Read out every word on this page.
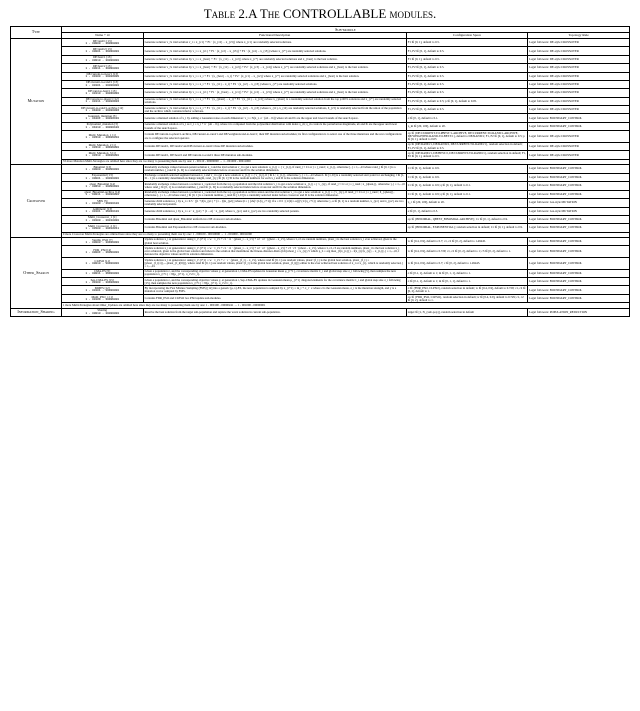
Table 2.A The CONTROLLABLE modules.
Type	Sub-module			
	Name + id	Functional Description	Configuration Space	Topology Rule
Mutation	DE/rand/1 [13]
1 - 00000 - 00000000	Generate solution v_i's trial solution v_i = x_{r1} + F1 · (x_{r2} − x_{r3}) where x_{r1} are randomly selected solutions.	F1 ∈ [0, 1], default to 0.5.	Legal followers: DE-style CROSSOVER

	DE/rand/2 [13]
1 - 00001 - 00000000	Generate solution v_i's trial solution by v_i = x_{r1} + F1 · (x_{r2} − x_{r3}) + F2 · (x_{r4} − x_{r5}) where x_{r*} are randomly selected solutions.	F1, F2 ∈ [0, 1], default to 0.5.	Legal followers: DE-style CROSSOVER

	DE/best/1 [13]
1 - 00010 - 00000000	Generate solution v_i's trial solution by v_i = x_{best} + F1 · (x_{r1} − x_{r2}) where x_{r*} are randomly selected solutions and x_{best} is the best solution.	F1 ∈ [0, 1], default to 0.5.	Legal followers: DE-style CROSSOVER

	DE/best/2 [13]
1 - 00011 - 00000000	Generate solution v_i's trial solution by v_i = x_{best} + F1 · (x_{r1} − x_{r2}) + F2 · (x_{r3} − x_{r4}) where x_{r*} are randomly selected solutions and x_{best} is the best solution.	F1, F2 ∈ [0, 1], default to 0.5.	Legal followers: DE-style CROSSOVER

	DE/current-to-best/1 [13]
1 - 00100 - 00000000	Generate solution v_i's trial solution by v_i = x_i + F1 · (x_{best} − x_i) + F2 · (x_{r1} − x_{r2}) where x_{r*} are randomly selected solutions and x_{best} is the best solution.	F1, F2 ∈ [0, 1], default to 0.5.	Legal followers: DE-style CROSSOVER

	DE/current-to-rand/1 [13]
1 - 00101 - 00000000	Generate solution v_i's trial solution by v_i = x_i + F1 · (x_{r1} − x_i) + F2 · (x_{r2} − x_{r3}) where x_{r*} are randomly selected solutions.	F1, F2 ∈ [0, 1], default to 0.5.	Legal followers: DE-style CROSSOVER

	DE/rand-to-best/1 [13]
1 - 00110 - 00000000	Generate solution v_i's trial solution by v_i = x_{r1} + F1 · (x_{best} − x_{r1}) + F2 · (x_{r2} − x_{r3}) where x_{r*} are randomly selected solutions and x_{best} is the best solution.	F1, F2 ∈ [0, 1], default to 0.5.	Legal followers: DE-style CROSSOVER

	DE/current-to-pbest/1 [12]
1 - 00111 - 00000000	Generate solution v_i's trial solution by v_i = x_i + F1 · (x_{pbest} − x_i) + F2 · (x_{r1} − x_{r2}) where x_{pbest} is a randomly selected solution from the top p100% solutions and x_{r*} are randomly selected solutions.	F1, F2 ∈ [0, 1], default to 0.5; p ∈ [0, 1], default to 0.05.	Legal followers: DE-style CROSSOVER

	DE/current-to-rand/1-archive [12]
1 - 01000 - 00000000	Generate solution v_i's trial solution by v_i = x_i + F1 · (x_{r1} − x_i) + F2 · (x_{r2} − x̃_{r3}) where x_{r1}, x_{r2} are randomly selected solutions, x̃_{r3} is randomly selected from the union of the population and the archive which contains inferior solutions.	F1, F2 ∈ [0, 1], default to 0.5.	Legal followers: DE-style CROSSOVER

	Gaussian_mutation [3]
1 - 01001 - 00000100	Generate a mutated solution of x_i by adding a Gaussian noise on each dimension: v_i = N(x_i, σ · (ub − lb)) where ub and lb are the upper and lower bounds of the search space.	σ ∈ [0, 1], default to 0.1.	Legal followers: BOUNDARY_CONTROL

	Polynomial_mutation [3]
1 - 01010 - 00000100	Generate a mutated solution of x_i as v_i = x_i + δ · (ub − lb), where δ is computed from the polynomial distribution with index η_m; η_m controls the perturbation magnitude, ub and lb are the upper and lower bounds of the search space.	η_m ∈ [20, 100], default to 20.	Legal followers: BOUNDARY_CONTROL

	Multi_Mutation_1 [1]
1 - 00110 - 00000010	Contain DE/current-to-pbest/1-archive, DE/current-to-rand/1 and DE/weighted-rand-to-best/1; their DE mutation sub-modules; its first configuration is to select one of the three mutations and the rest configurations are to configure the selected operator.	op ∈ {DE/CURRENT-TO-PBEST/1-ARCHIVE, DE/CURRENT-TO-RAND/1-ARCHIVE, DE/WEIGHTED-RAND-TO-BEST/1}, default to DE/RAND/1; F1, F2 ∈ [0, 1], default to 0.5; p ∈ [0, 1], default to 0.05	Legal followers: DE-style CROSSOVER

	Multi_Mutation_2 [1]
1 - 00110 - 00000000	Contains DE/rand/1, DE/rand/2 and DE/current-to-rand/1 three DE mutation sub-modules.	op ∈ {DE/RAND/1, DE/RAND/2, DE/CURRENT-TO-RAND/1}, random selection in default; F1, F2 ∈ [0, 1], default to 0.5.	Legal followers: DE-style CROSSOVER

	Multi_Mutation_3 [1]
1 - 00110 - 00000000	Contains DE/rand/1, DE/best/2 and DE/current-to-rand/1 three DE mutation sub-modules.	op ∈ {DE/RAND/1, DE/BEST/2, DE/CURRENT-TO-RAND/1}, random selection in default; F1, F2 ∈ [0, 1], default to 0.5.	Legal followers: DE-style CROSSOVER
	33 more Mutation Multi-Strategies are omitted here since they are too many to presenting them one by one: 1 - 00110 - 00000000 → 1 - 001000 - 00011000			
Crossover	Binomial [13]
1 - 00000 - 00000000	Randomly exchange values between parent solution x_i and the trial solution v_i to get a new solution: u_{i,j} = { v_{i,j}, if rand_j < Cr or j = j_rand ; x_{i,j}, otherwise }, j = 1,...,D where rand_j ∈ [0, 1] is a random number, j_rand ∈ [1, D] is a randomly selected index before crossover and D is the solution dimension.	Cr ∈ [0, 1], default to 0.9.	Legal followers: BOUNDARY_CONTROL

	Exponential [13]
1 - 00001 - 00000000	Exchange a random selected segment between x_i and v_i to get a new solution: u_{i,j} = { v_{i,j}, if j ∈ L ; x_{i,j}, otherwise }, j = 1,...,D where L ∈ [1, D] is a randomly selected start point for exchanging, l ∈ [1, D − 1] is a randomly determined exchange length, rand_{i,j} ∈ [0, 1]^D is the random numbers for each x_i and D is the solution dimension.	Cr ∈ [0, 1], default to 0.9.	Legal followers: BOUNDARY_CONTROL

	qbest_Binomial [14]
1 - 00010 - 00000000	Randomly exchange values between a solution x_i selected from the top q population and the trial solution v_i to get a new solution: u_{i,j} = { v_{i,j}, if rand_j < Cr or j = j_rand ; x_{qbest,j}, otherwise }, j = 1,...,D where rand_j ∈ [0, 1] is a random number, j_rand ∈ [1, D] is a randomly selected index before crossover and D is the solution dimension.	Cr ∈ [0, 1], default to 0.9; q ∈ [0, 1], default to 0.1.	Legal followers: BOUNDARY_CONTROL

	qbest_Binomial-archive [14]
1 - 00011 - 00000000	Randomly exchange values between a solution x_i selected from the top q population archive union and the trial solution v_i to get a new solution: u_{i,j} = { v_{i,j}, if rand_j < Cr or j = j_rand ; x̃_{qbest,j}, otherwise }, j = 1,...,D where rand_j ∈ [0, 1] is a random number, j_rand ∈ [1, D] is a randomly selected index before crossover and D is the solution dimension.	Cr ∈ [0, 1], default to 0.9; q ∈ [0, 1], default to 0.1.	Legal followers: BOUNDARY_CONTROL

	SBX [3]
1 - 00100 - 00000100	Generate child solution u_i by u_i = 0.5 · [(1 + β)x_{p1} + (1 − β)x_{p2}] where β = { (2u)^{1/(η_c+1)} if u ≤ 0.5 ; (1/(2(1−u)))^{1/(η_c+1)} otherwise }, u ∈ [0, 1] is a random number, x_{p1} and x_{p2} are two randomly selected parents.	η_c ∈ [20, 100], default to 20.	Legal followers: GA-style MUTATION

	Arithmetic [13]
1 - 00101 - 00000100	Generate child solution u_i by u_i = α · x_{p1} + (1 − α) · x_{p2} where x_{p1} and x_{p2} are two randomly selected parents.	α ∈ [0, 1], default to 0.5.	Legal followers: GA-style MUTATION

	Multi_Crossover_1 [1]
1 - 00100 - 00010000	Contains Binomial and qbest_Binomial uniform two DE crossover sub-modules.	op ∈ {BINOMIAL, QBEST_BINOMIAL-ARCHIVE}; Cr ∈ [0, 1], default to 0.9.	Legal followers: BOUNDARY_CONTROL

	Multi_Crossover_2 [1]
1 - 00100 - 00010011	Contains Binomial and Exponential two DE crossover sub-modules.	op ∈ {BINOMIAL, EXPONENTIAL}; random selection in default; Cr ∈ [0, 1], default to 0.9.	Legal followers: BOUNDARY_CONTROL
	9 more Crossover Multi-Strategies are omitted here since they are too many to presenting them one by one: 1 - 000100 - 00010000 → 1 - 001000 - 00011000			
Other_Search	Vanilla_PSO [7]
1 - 00000 - 00000000	Update solution x_i at generation t using v_i^{t+1} = w · v_i^t + c1 · r1 · (pbest_i − x_i^t) + c2 · r2 · (gbest − x_i^t), where r1, r2 are random numbers, pbest_i is the best solution x_i ever achieved, gbest is the global best solution.	w ∈ [0.4, 0.9], default to 0.7; c1, c2 ∈ [0, 2], default to 1.49445.	Legal followers: BOUNDARY_CONTROL

	FDR_PSO [4]
1 - 00001 - 00000000	Update solution x_i at generation t using v_i^{t+1} = w · v_i^t + c1 · r1 · (pbest_i − x_i^t) + c2 · r2 · (gbest − x_i^t) + c3 · r3 · (nbest − x_i^t), where r1, r2, r3 are random numbers, pbest_i is the best solution x_i ever achieved, gbest is the global best solution and nbest is the solution that maximizes the fitness-distance-Ratio (fdr) nbest_j = x_{r,j}^t which p_b = arg max_{f(x_{r,j}) − f(x_i)}/|x_{r,j} − x_{i,j}|, j = 1,...,D, f denotes the objective values and D is solution dimension.	w ∈ [0.4, 0.9], default to 0.729; c1, c2 ∈ [0, 2], default to 1; c3 ∈ [0, 2], default to 1.	Legal followers: BOUNDARY_CONTROL

	CLPSO [11]
1 - 00010 - 00000000	Update solution x_i at generation t using v_i^{t+1} = w · v_i^t + c · r · (pbest_{f_i} − x_i^t), where rand ∈ [0, 1] are random values, pbest^{f_i} is the global best solution, pbest_{f_i} = [pbest_{f_i(1)},...,pbest_{f_i(D)}], where rand ∈ [0, 1] are random values, pbest^{f_i} is the global best solution, pbest_{f_i(j)} either is the ever achieved best solution of x_i or x_{r}, which is randomly selected, j = 1,...,D.	w ∈ [0.4, 0.9], default to 0.7; c ∈ [0, 2], default to 1.49445.	Legal followers: BOUNDARY_CONTROL

	CMA-ES [5]
1 - 00011 - 00000000	Given a population λ, and the corresponding objective values y, at generation t, CMA-ES updates its Gaussian mean μ_{t+1}, covariance matrix C_t and global step size σ_t following [5], then samples the new population x_{t+1} ~ N(μ_{t+1}, σ_t^2 C_t).	σ ∈ [0.1, 1], default to 1; m ∈ [0, 1, 1], default to 1.	Legal followers: BOUNDARY_CONTROL

	Sep-CMA-ES [15]
1 - 00100 - 00000000	Given a population λ, and the corresponding objective values y, at generation t, Sep-CMA-ES updates its Gaussian mean μ_{t+1} diagonal elements for the covariance matrix C_t and global step size σ_t following [15], then samples the new population x_{t+1} ~ N(μ_{t+1}, σ_t^2 C_t).	σ ∈ [0.1, 1], default to 1; m ∈ [0, 1, 1], default to 1.	Legal followers: BOUNDARY_CONTROL

	MMES [12]
1 - 00101 - 00000000	By incorporating the Fast Mixture Sampling (FMS) [12] into a generic (μ, λ)-ES, the new population is sampled by x_{t+1} = m_t + σ_t · z where z is the Gaussian mean, σ_t is the mutation strength, and y is a mutation vector sampled by FMS.	σ ∈ {FDR_PSO, CLPSO}, random selection in default; w ∈ [0.4, 0.9], default to 0.729; c1, c2 ∈ [0, 2], default to 1.	Legal followers: BOUNDARY_CONTROL

	Multi_PSO_1 [1]
1 - 00100 - 00000000	Contains FDR_PSO and CLPSO two PSO update sub-modules.	op ∈ {FDR_PSO, CLPSO}, random selection in default; w ∈ [0.4, 0.9], default to 0.729; c1, c2 ∈ [0, 2], default to 1.	Legal followers: BOUNDARY_CONTROL
	1 more Multi-Strategies about Other_Updates are omitted here since they are too many to presenting them one by one: 1 - 000100 - 00000241 → 1 - 001000 - 00000001			
Information_Sharing	Sharing
1 - 00010 - 00000000	Receive the best solution from the target sub-population and replace the worst solution in current sub-population.	target ∈ [1, N_{sub-pop}], random selection in default	Legal followers: POPULATION_REDUCTION
